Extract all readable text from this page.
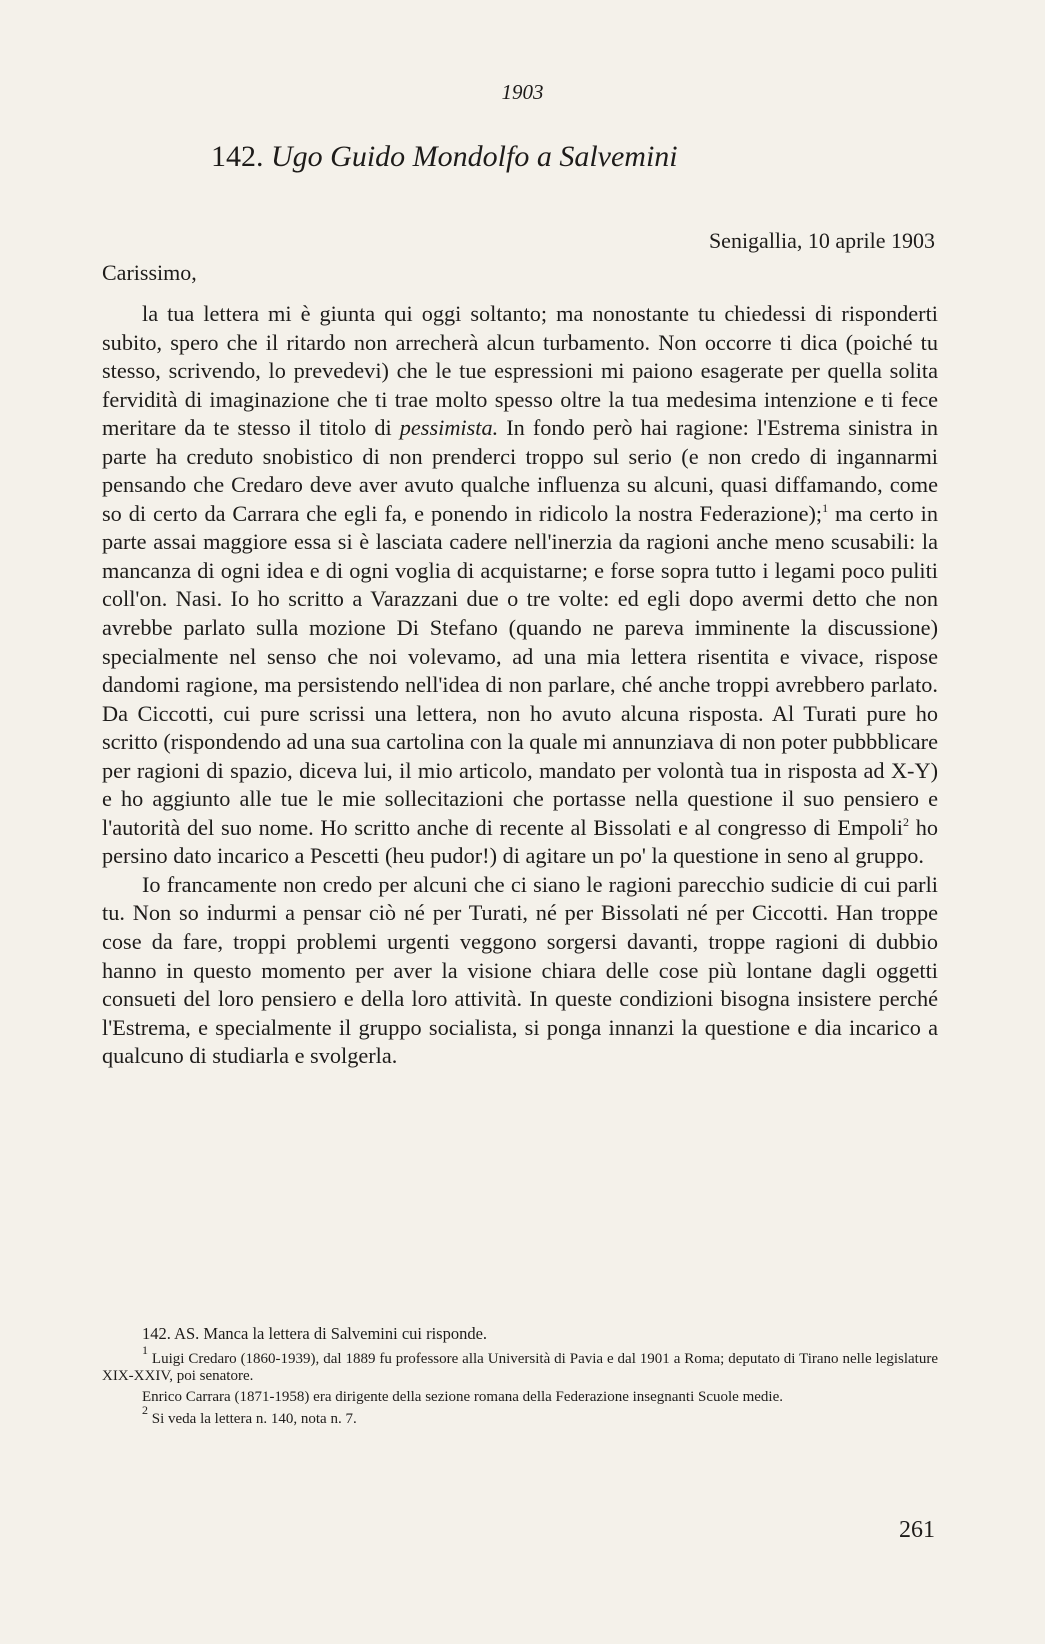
1903
142. Ugo Guido Mondolfo a Salvemini
Senigallia, 10 aprile 1903
Carissimo,

la tua lettera mi è giunta qui oggi soltanto; ma nonostante tu chiedessi di risponderti subito, spero che il ritardo non arrecherà alcun turbamento. Non occorre ti dica (poiché tu stesso, scrivendo, lo prevedevi) che le tue espressioni mi paiono esagerate per quella solita fervidità di imaginazione che ti trae molto spesso oltre la tua medesima intenzione e ti fece meritare da te stesso il titolo di pessimista. In fondo però hai ragione: l'Estrema sinistra in parte ha creduto snobistico di non prenderci troppo sul serio (e non credo di ingannarmi pensando che Credaro deve aver avuto qualche influenza su alcuni, quasi diffamando, come so di certo da Carrara che egli fa, e ponendo in ridicolo la nostra Federazione);$^1$ ma certo in parte assai maggiore essa si è lasciata cadere nell'inerzia da ragioni anche meno scusabili: la mancanza di ogni idea e di ogni voglia di acquistarne; e forse sopra tutto i legami poco puliti coll'on. Nasi. Io ho scritto a Varazzani due o tre volte: ed egli dopo avermi detto che non avrebbe parlato sulla mozione Di Stefano (quando ne pareva imminente la discussione) specialmente nel senso che noi volevamo, ad una mia lettera risentita e vivace, rispose dandomi ragione, ma persistendo nell'idea di non parlare, ché anche troppi avrebbero parlato. Da Ciccotti, cui pure scrissi una lettera, non ho avuto alcuna risposta. Al Turati pure ho scritto (rispondendo ad una sua cartolina con la quale mi annunziava di non poter pubbblicare per ragioni di spazio, diceva lui, il mio articolo, mandato per volontà tua in risposta ad X-Y) e ho aggiunto alle tue le mie sollecitazioni che portasse nella questione il suo pensiero e l'autorità del suo nome. Ho scritto anche di recente al Bissolati e al congresso di Empoli$^2$ ho persino dato incarico a Pescetti (heu pudor!) di agitare un po' la questione in seno al gruppo.

Io francamente non credo per alcuni che ci siano le ragioni parecchio sudicie di cui parli tu. Non so indurmi a pensar ciò né per Turati, né per Bissolati né per Ciccotti. Han troppe cose da fare, troppi problemi urgenti veggono sorgersi davanti, troppe ragioni di dubbio hanno in questo momento per aver la visione chiara delle cose più lontane dagli oggetti consueti del loro pensiero e della loro attività. In queste condizioni bisogna insistere perché l'Estrema, e specialmente il gruppo socialista, si ponga innanzi la questione e dia incarico a qualcuno di studiarla e svolgerla.

142. AS. Manca la lettera di Salvemini cui risponde.

$^1$ Luigi Credaro (1860-1939), dal 1889 fu professore alla Università di Pavia e dal 1901 a Roma; deputato di Tirano nelle legislature XIX-XXIV, poi senatore.

Enrico Carrara (1871-1958) era dirigente della sezione romana della Federazione insegnanti Scuole medie.

$^2$ Si veda la lettera n. 140, nota n. 7.

261
